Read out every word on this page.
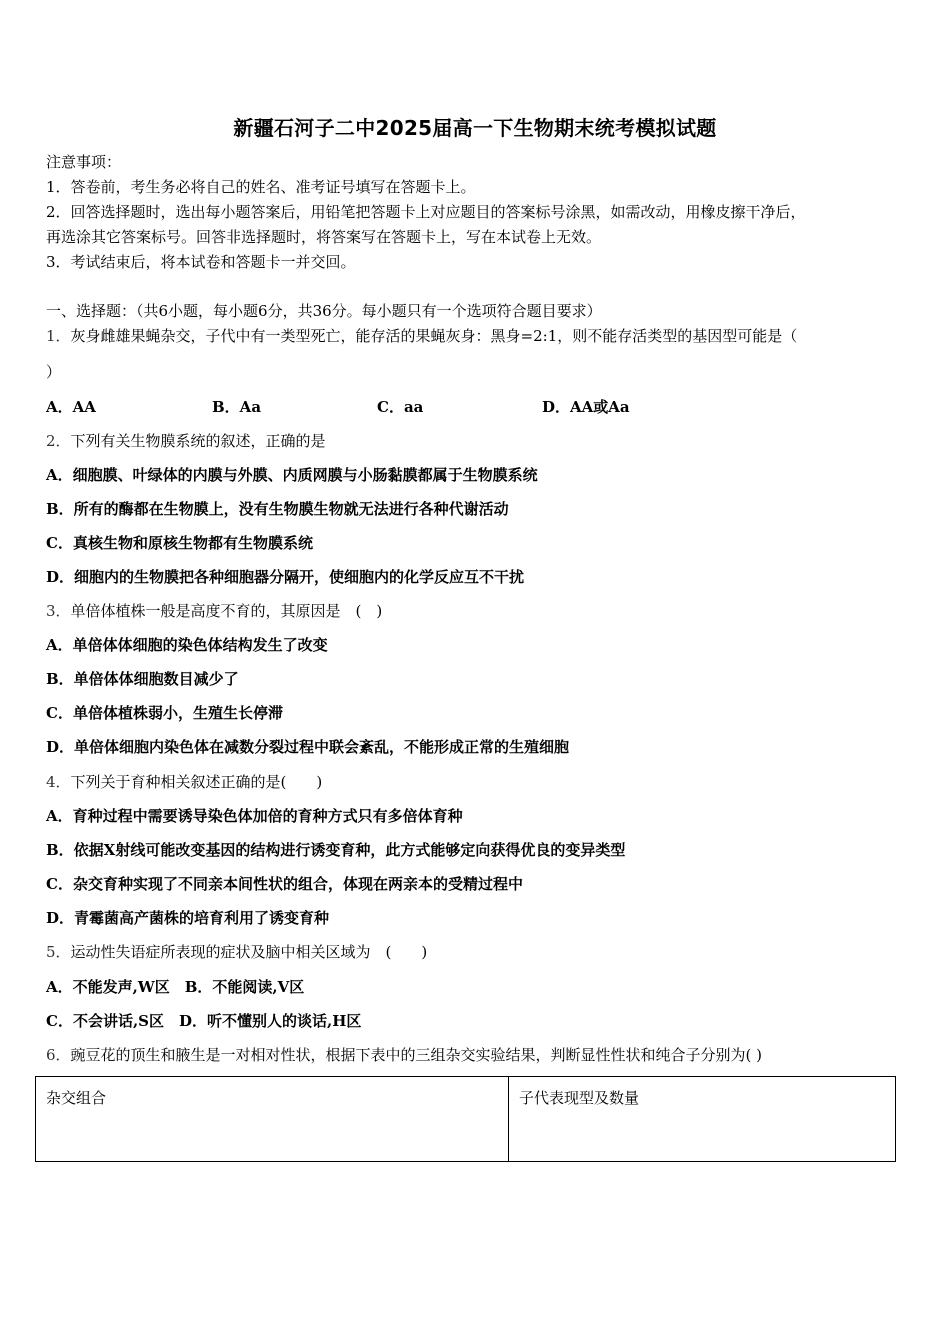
新疆石河子二中2025届高一下生物期末统考模拟试题
注意事项：
1．答卷前，考生务必将自己的姓名、准考证号填写在答题卡上。
2．回答选择题时，选出每小题答案后，用铅笔把答题卡上对应题目的答案标号涂黑，如需改动，用橡皮擦干净后，
再选涂其它答案标号。回答非选择题时，将答案写在答题卡上，写在本试卷上无效。
3．考试结束后，将本试卷和答题卡一并交回。
一、选择题：（共6小题，每小题6分，共36分。每小题只有一个选项符合题目要求）
1．灰身雌雄果蝇杂交，子代中有一类型死亡，能存活的果蝇灰身：黑身=2:1，则不能存活类型的基因型可能是（
）
A．AA	B．Aa	C．aa	D．AA或Aa
2．下列有关生物膜系统的叙述，正确的是
A．细胞膜、叶绿体的内膜与外膜、内质网膜与小肠黏膜都属于生物膜系统
B．所有的酶都在生物膜上，没有生物膜生物就无法进行各种代谢活动
C．真核生物和原核生物都有生物膜系统
D．细胞内的生物膜把各种细胞器分隔开，使细胞内的化学反应互不干扰
3．单倍体植株一般是高度不育的，其原因是　(　)
A．单倍体体细胞的染色体结构发生了改变
B．单倍体体细胞数目减少了
C．单倍体植株弱小，生殖生长停滞
D．单倍体细胞内染色体在减数分裂过程中联会紊乱，不能形成正常的生殖细胞
4．下列关于育种相关叙述正确的是(　　)
A．育种过程中需要诱导染色体加倍的育种方式只有多倍体育种
B．依据X射线可能改变基因的结构进行诱变育种，此方式能够定向获得优良的变异类型
C．杂交育种实现了不同亲本间性状的组合，体现在两亲本的受精过程中
D．青霉菌高产菌株的培育利用了诱变育种
5．运动性失语症所表现的症状及脑中相关区域为　(　　)
A．不能发声,W区　B．不能阅读,V区
C．不会讲话,S区　D．听不懂别人的谈话,H区
6．豌豆花的顶生和腋生是一对相对性状，根据下表中的三组杂交实验结果，判断显性性状和纯合子分别为( )
杂交组合	子代表现型及数量
